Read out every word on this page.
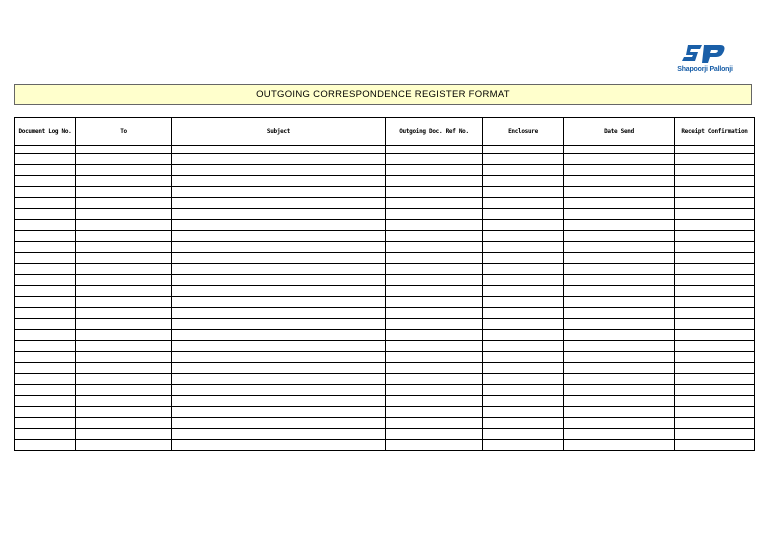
Shapoorji Pallonji
OUTGOING CORRESPONDENCE REGISTER FORMAT
Document Log No.	To	Subject	Outgoing Doc. Ref No.	Enclosure	Date Send	Receipt Confirmation
